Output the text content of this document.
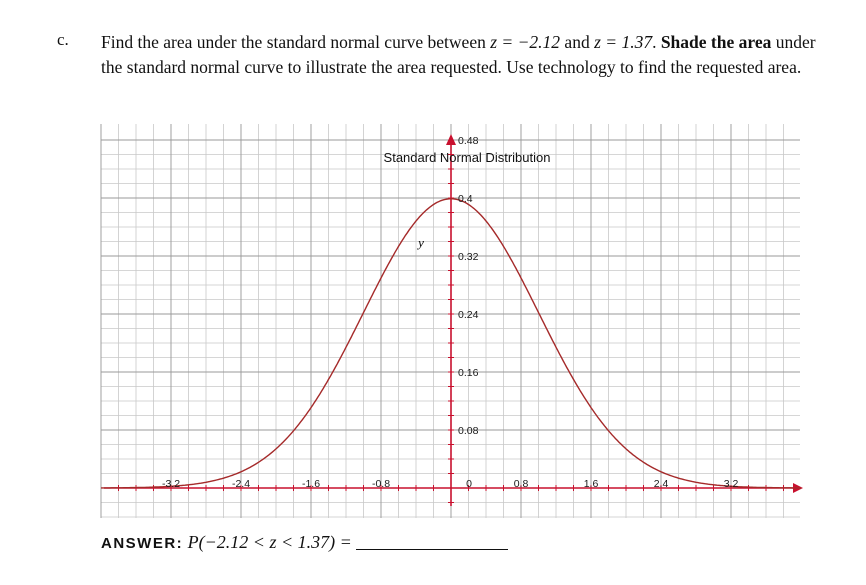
c. Find the area under the standard normal curve between z = −2.12 and z = 1.37. Shade the area under the standard normal curve to illustrate the area requested. Use technology to find the requested area.
-3.2	-2.4	-1.6	-0.8	0	0.8	1.6	2.4	3.2
0.08
0.16
0.24
0.32
0.4
0.48
Standard Normal Distribution
y
ANSWER: P(−2.12 < z < 1.37) =
